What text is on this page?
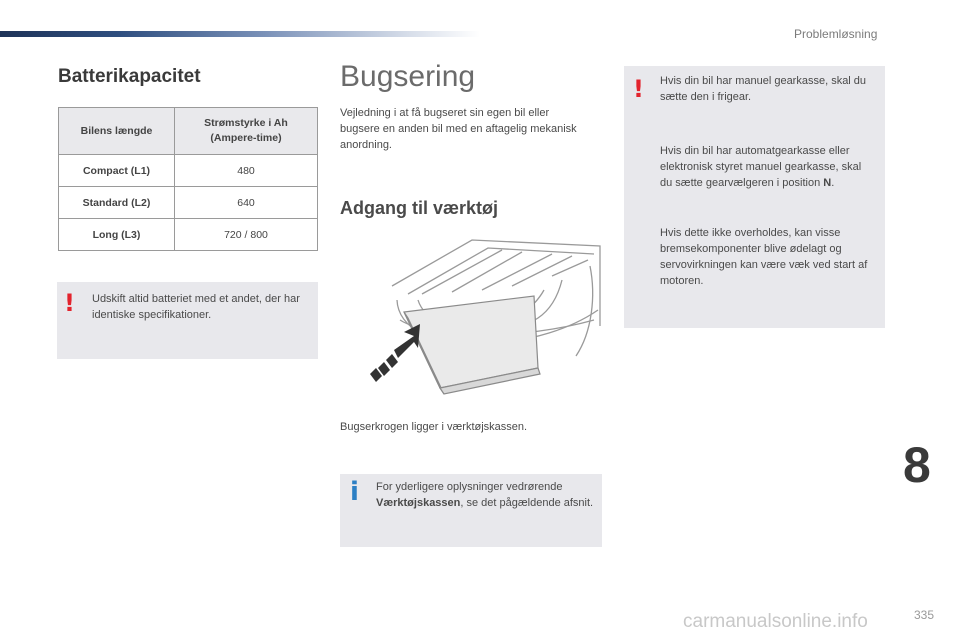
Problemløsning
Batterikapacitet
Bilens længde	Strømstyrke i Ah (Ampere-time)
Compact (L1)	480
Standard (L2)	640
Long (L3)	720 / 800
! Udskift altid batteriet med et andet, der har identiske specifikationer.
Bugsering
Vejledning i at få bugseret sin egen bil eller bugsere en anden bil med en aftagelig mekanisk anordning.
Adgang til værktøj
Bugserkrogen ligger i værktøjskassen.
i For yderligere oplysninger vedrørende Værktøjskassen, se det pågældende afsnit.
! Hvis din bil har manuel gearkasse, skal du sætte den i frigear.
Hvis din bil har automatgearkasse eller elektronisk styret manuel gearkasse, skal du sætte gearvælgeren i position N.
Hvis dette ikke overholdes, kan visse bremsekomponenter blive ødelagt og servovirkningen kan være væk ved start af motoren.
8
carmanualsonline.info	335
